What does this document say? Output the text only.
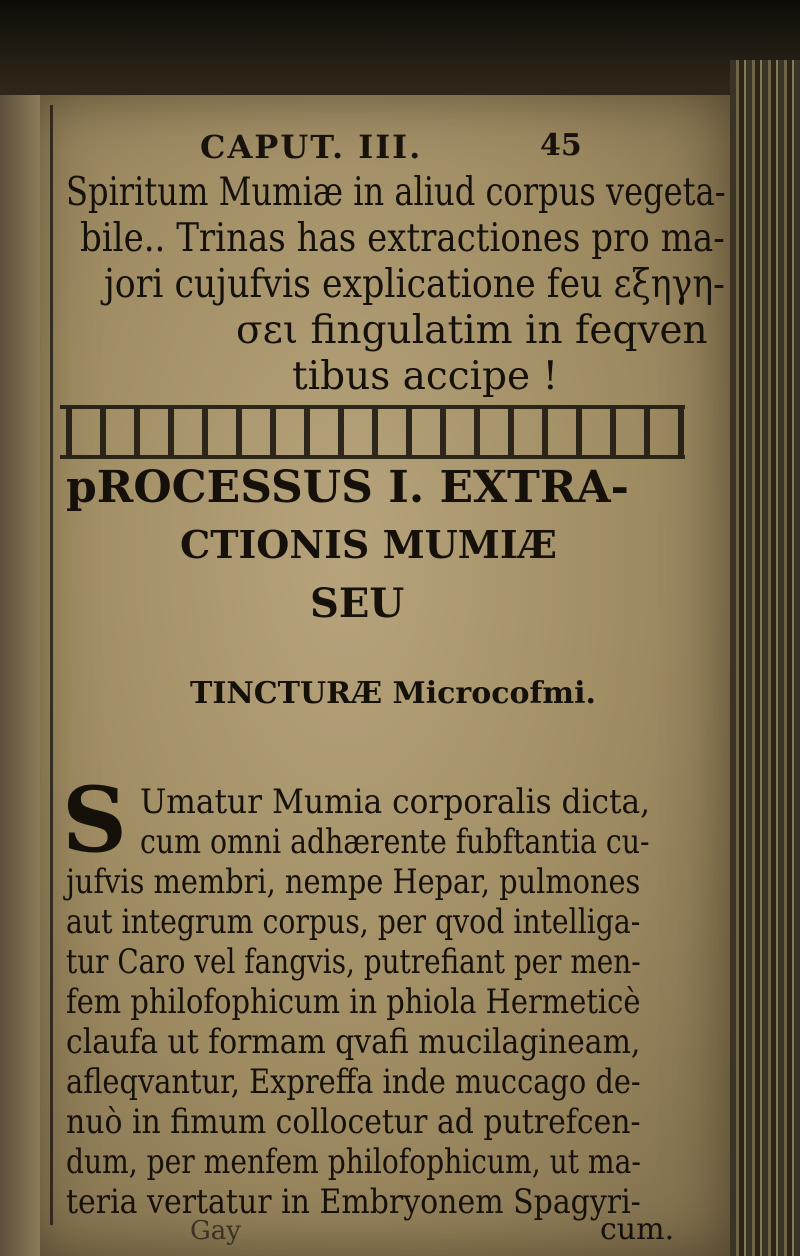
CAPUT. III.	45
Spiritum Mumiæ in aliud corpus vegeta-
bile.. Trinas has extractiones pro ma-
jori cujufvis explicatione feu εξηγη-
σει fingulatim in feqven
tibus accipe !
pROCESSUS I. EXTRA-
CTIONIS MUMIÆ
SEU
TINCTURÆ Microcofmi.
S Umatur Mumia corporalis dicta,
cum omni adhærente fubftantia cu-
jufvis membri, nempe Hepar, pulmones
aut integrum corpus, per qvod intelliga-
tur Caro vel fangvis, putrefiant per men-
fem philofophicum in phiola Hermeticè
claufa ut formam qvafi mucilagineam,
afleqvantur, Expreffa inde muccago de-
nuò in fimum collocetur ad putrefcen-
dum, per menfem philofophicum, ut ma-
teria vertatur in Embryonem Spagyri-
cum.
Gay
